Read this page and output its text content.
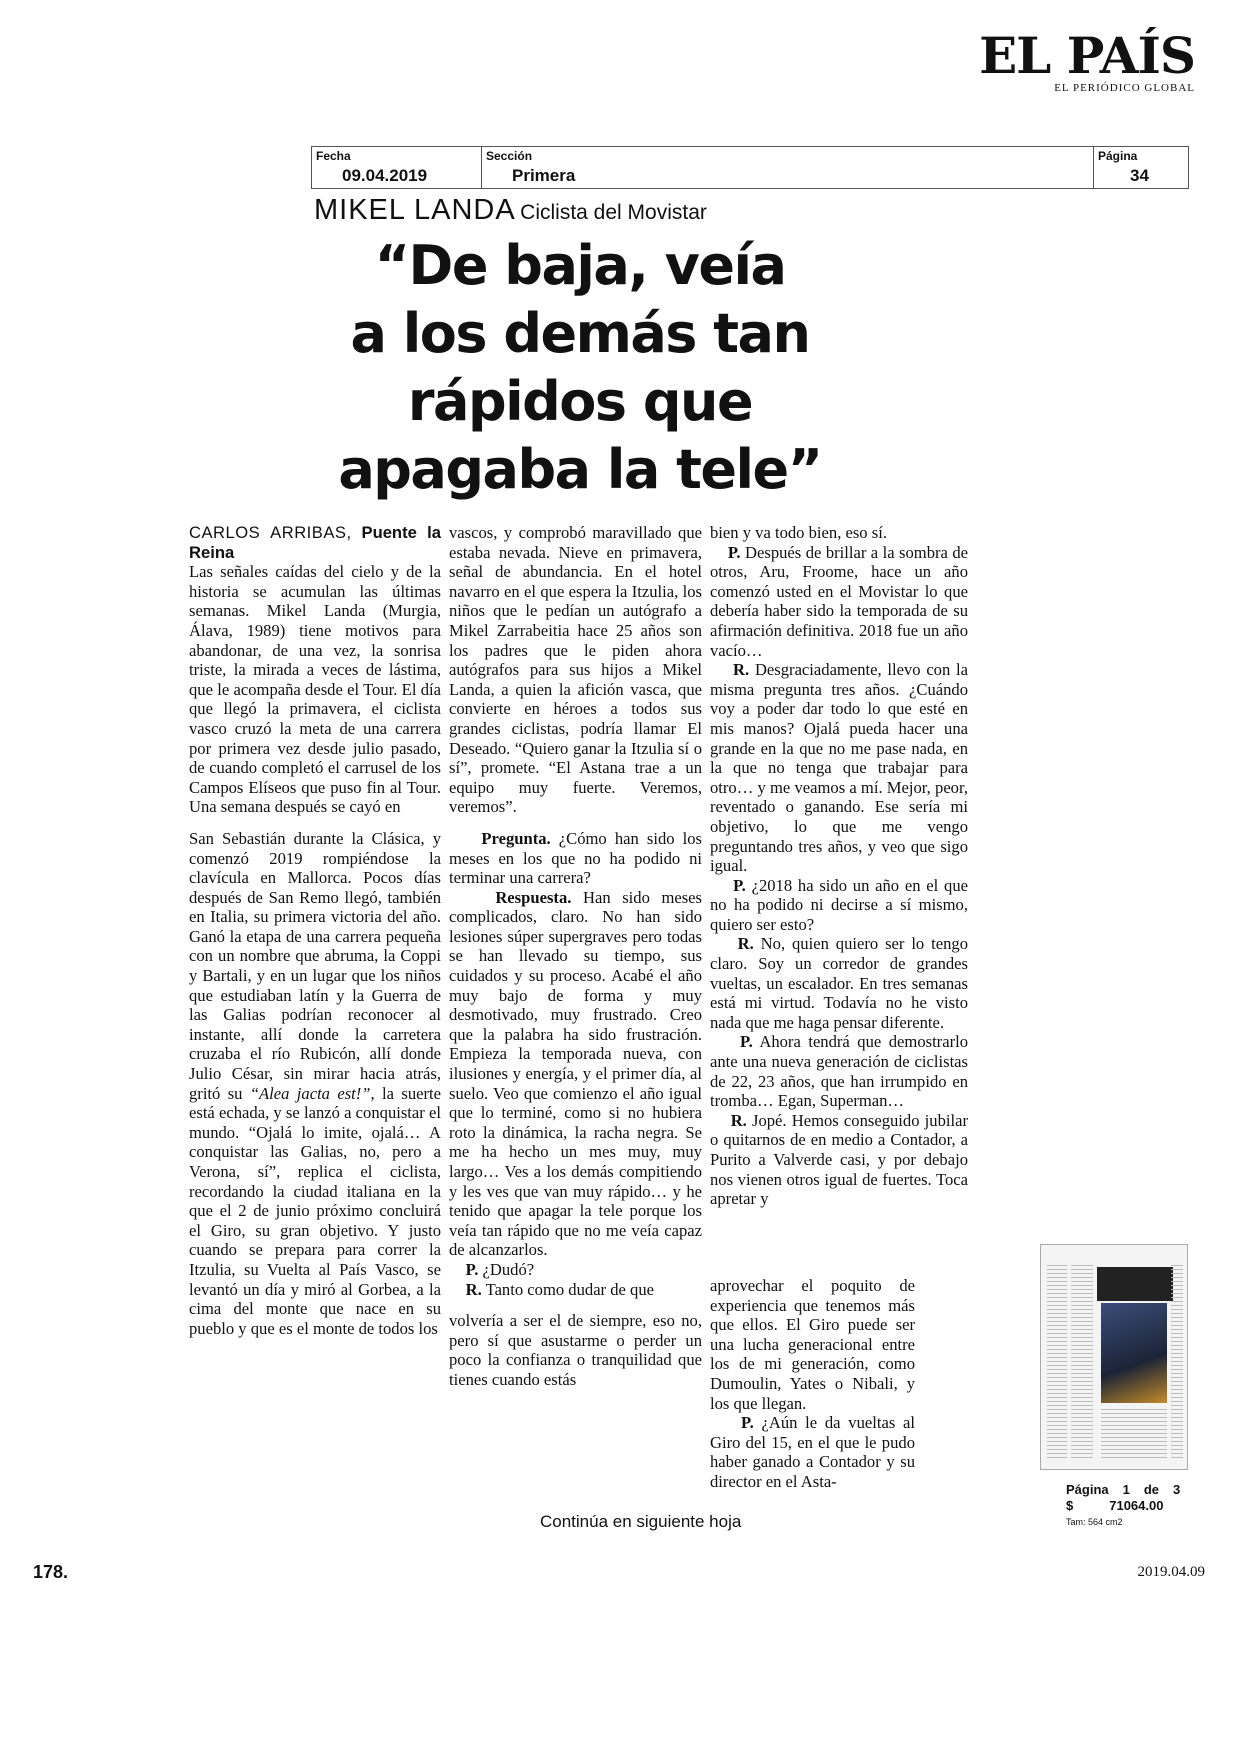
EL PAÍS
EL PERIÓDICO GLOBAL
Fecha
09.04.2019
Sección
Primera
Página
34
MIKEL LANDA Ciclista del Movistar
“De baja, veía
a los demás tan
rápidos que
apagaba la tele”

CARLOS ARRIBAS, Puente la Reina
Las señales caídas del cielo y de la historia se acumulan las últimas semanas. Mikel Landa (Murgia, Álava, 1989) tiene motivos para abandonar, de una vez, la sonrisa triste, la mirada a veces de lástima, que le acompaña desde el Tour. El día que llegó la primavera, el ciclista vasco cruzó la meta de una carrera por primera vez desde julio pasado, de cuando completó el carrusel de los Campos Elíseos que puso fin al Tour. Una semana después se cayó en

San Sebastián durante la Clásica, y comenzó 2019 rompiéndose la clavícula en Mallorca. Pocos días después de San Remo llegó, también en Italia, su primera victoria del año. Ganó la etapa de una carrera pequeña con un nombre que abruma, la Coppi y Bartali, y en un lugar que los niños que estudiaban latín y la Guerra de las Galias podrían reconocer al instante, allí donde la carretera cruzaba el río Rubicón, allí donde Julio César, sin mirar hacia atrás, gritó su “Alea jacta est!”, la suerte está echada, y se lanzó a conquistar el mundo. “Ojalá lo imite, ojalá… A conquistar las Galias, no, pero a Verona, sí”, replica el ciclista, recordando la ciudad italiana en la que el 2 de junio próximo concluirá el Giro, su gran objetivo. Y justo cuando se prepara para correr la Itzulia, su Vuelta al País Vasco, se levantó un día y miró al Gorbea, a la cima del monte que nace en su pueblo y que es el monte de todos los

vascos, y comprobó maravillado que estaba nevada. Nieve en primavera, señal de abundancia. En el hotel navarro en el que espera la Itzulia, los niños que le pedían un autógrafo a Mikel Zarrabeitia hace 25 años son los padres que le piden ahora autógrafos para sus hijos a Mikel Landa, a quien la afición vasca, que convierte en héroes a todos sus grandes ciclistas, podría llamar El Deseado. “Quiero ganar la Itzulia sí o sí”, promete. “El Astana trae a un equipo muy fuerte. Veremos, veremos”.

Pregunta. ¿Cómo han sido los meses en los que no ha podido ni terminar una carrera?

Respuesta. Han sido meses complicados, claro. No han sido lesiones súper supergraves pero todas se han llevado su tiempo, sus cuidados y su proceso. Acabé el año muy bajo de forma y muy desmotivado, muy frustrado. Creo que la palabra ha sido frustración. Empieza la temporada nueva, con ilusiones y energía, y el primer día, al suelo. Veo que comienzo el año igual que lo terminé, como si no hubiera roto la dinámica, la racha negra. Se me ha hecho un mes muy, muy largo… Ves a los demás compitiendo y les ves que van muy rápido… y he tenido que apagar la tele porque los veía tan rápido que no me veía capaz de alcanzarlos.

P. ¿Dudó?

R. Tanto como dudar de que

volvería a ser el de siempre, eso no, pero sí que asustarme o perder un poco la confianza o tranquilidad que tienes cuando estás

bien y va todo bien, eso sí.

P. Después de brillar a la sombra de otros, Aru, Froome, hace un año comenzó usted en el Movistar lo que debería haber sido la temporada de su afirmación definitiva. 2018 fue un año vacío…

R. Desgraciadamente, llevo con la misma pregunta tres años. ¿Cuándo voy a poder dar todo lo que esté en mis manos? Ojalá pueda hacer una grande en la que no me pase nada, en la que no tenga que trabajar para otro… y me veamos a mí. Mejor, peor, reventado o ganando. Ese sería mi objetivo, lo que me vengo preguntando tres años, y veo que sigo igual.

P. ¿2018 ha sido un año en el que no ha podido ni decirse a sí mismo, quiero ser esto?

R. No, quien quiero ser lo tengo claro. Soy un corredor de grandes vueltas, un escalador. En tres semanas está mi virtud. Todavía no he visto nada que me haga pensar diferente.

P. Ahora tendrá que demostrarlo ante una nueva generación de ciclistas de 22, 23 años, que han irrumpido en tromba… Egan, Superman…

R. Jopé. Hemos conseguido jubilar o quitarnos de en medio a Contador, a Purito a Valverde casi, y por debajo nos vienen otros igual de fuertes. Toca apretar y

aprovechar el poquito de experiencia que tenemos más que ellos. El Giro puede ser una lucha generacional entre los de mi generación, como Dumoulin, Yates o Nibali, y los que llegan.

P. ¿Aún le da vueltas al Giro del 15, en el que le pudo haber ganado a Contador y su director en el Asta-

Continúa en siguiente hoja
Página 1 de 3
$	71064.00
Tam: 564 cm2
178.	2019.04.09
